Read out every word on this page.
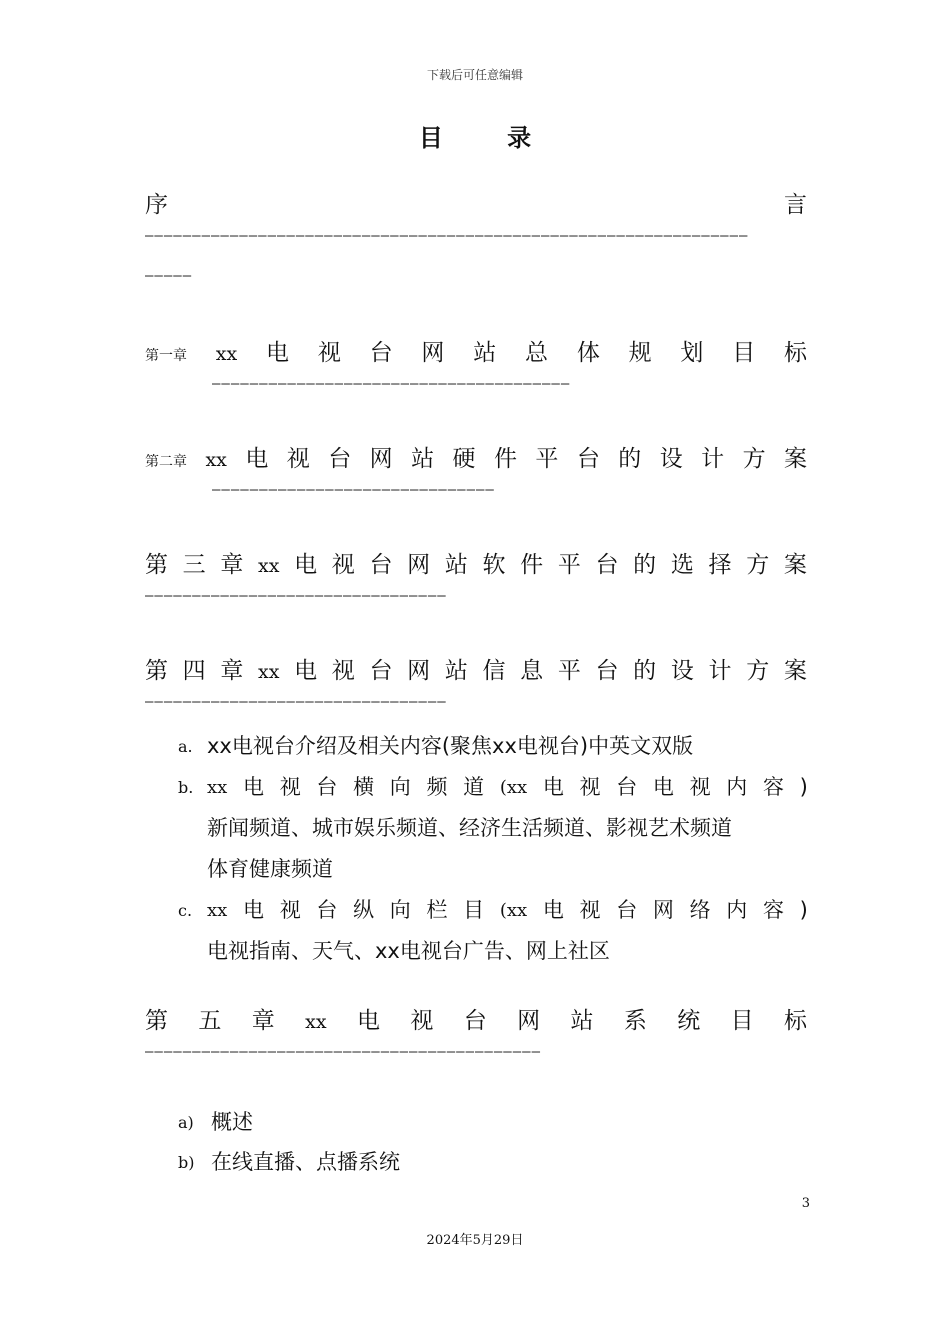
下载后可任意编辑
目 录
序	言
————————————————————————————————————————————————————————————————
—————
第一章 xx 电 视 台 网 站 总 体 规 划 目 标
——————————————————————————————————————
第二章 xx 电 视 台 网 站 硬 件 平 台 的 设 计 方 案
——————————————————————————————
第 三 章 xx 电 视 台 网 站 软 件 平 台 的 选 择 方 案
————————————————————————————————
第 四 章 xx 电 视 台 网 站 信 息 平 台 的 设 计 方 案
————————————————————————————————
a. xx电视台介绍及相关内容(聚焦xx电视台)中英文双版
b. xx 电 视 台 横 向 频 道 (xx 电 视 台 电 视 内 容 )
新闻频道、城市娱乐频道、经济生活频道、影视艺术频道
体育健康频道
c. xx 电 视 台 纵 向 栏 目 (xx 电 视 台 网 络 内 容 )
电视指南、天气、xx电视台广告、网上社区
第 五 章 xx 电 视 台 网 站 系 统 目 标
——————————————————————————————————————————
a) 概述
b) 在线直播、点播系统
3
2024年5月29日
